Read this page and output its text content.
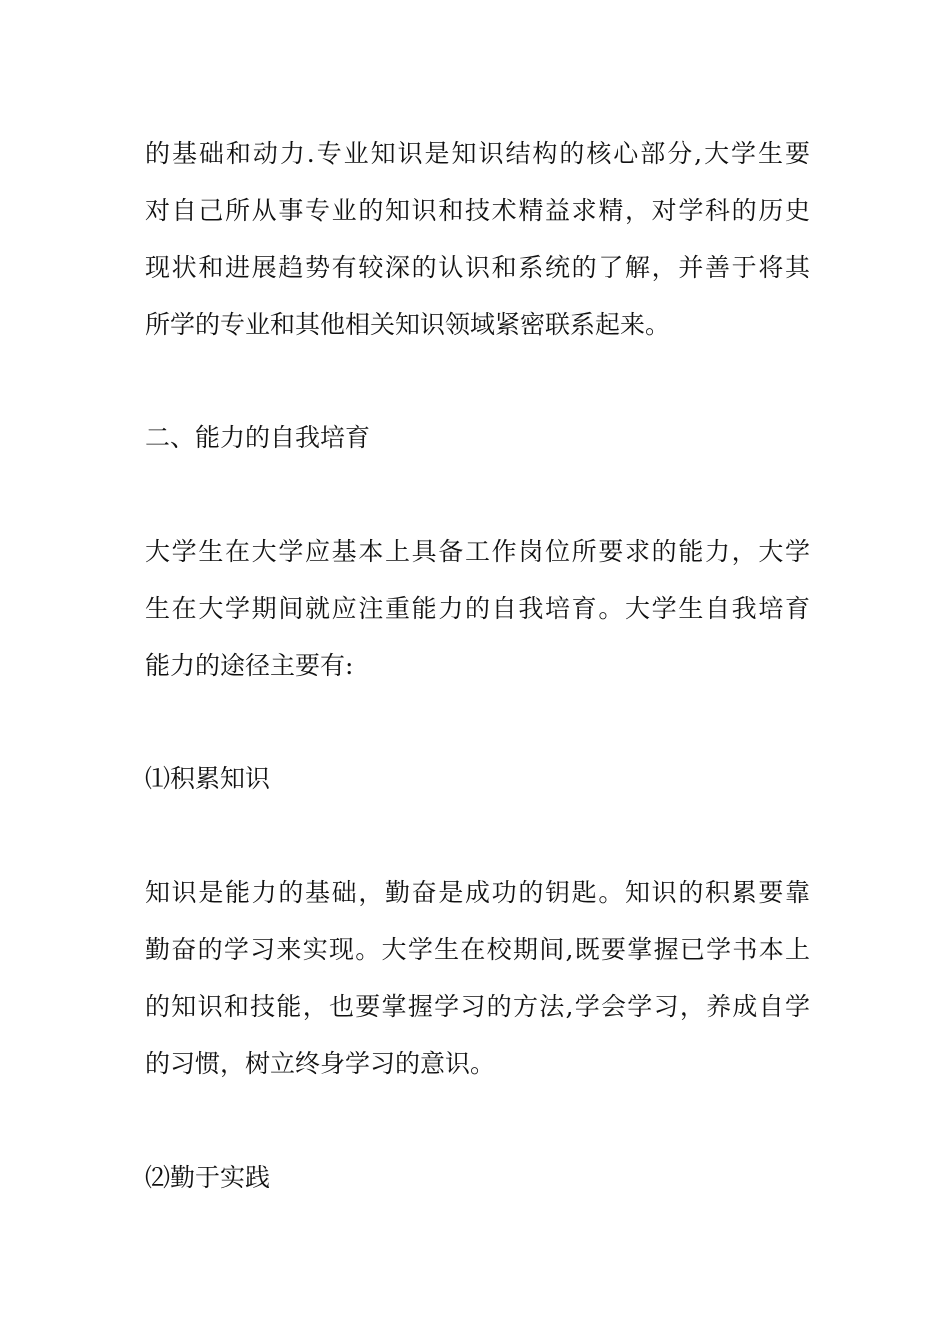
的基础和动力.专业知识是知识结构的核心部分,大学生要
对自己所从事专业的知识和技术精益求精，对学科的历史
现状和进展趋势有较深的认识和系统的了解，并善于将其
所学的专业和其他相关知识领域紧密联系起来。
二、能力的自我培育
大学生在大学应基本上具备工作岗位所要求的能力，大学
生在大学期间就应注重能力的自我培育。大学生自我培育
能力的途径主要有:
⑴积累知识
知识是能力的基础，勤奋是成功的钥匙。知识的积累要靠
勤奋的学习来实现。大学生在校期间,既要掌握已学书本上
的知识和技能，也要掌握学习的方法,学会学习，养成自学
的习惯，树立终身学习的意识。
⑵勤于实践
